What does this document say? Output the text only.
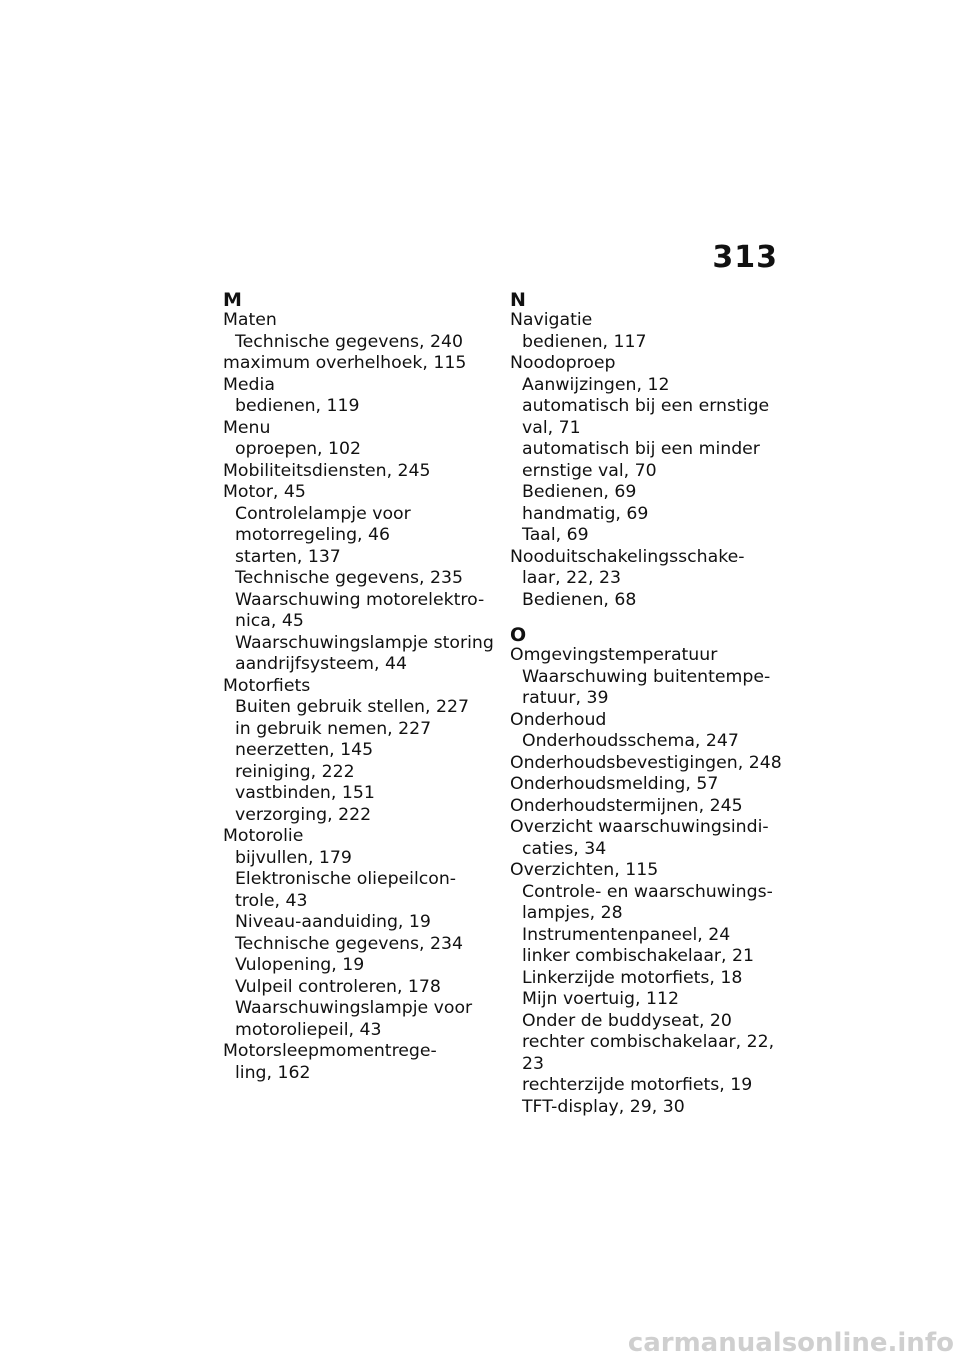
313
M
Maten
Technische gegevens, 240
maximum overhelhoek, 115
Media
bedienen, 119
Menu
oproepen, 102
Mobiliteitsdiensten, 245
Motor, 45
Controlelampje voor
motorregeling, 46
starten, 137
Technische gegevens, 235
Waarschuwing motorelektro-
nica, 45
Waarschuwingslampje storing
aandrijfsysteem, 44
Motorfiets
Buiten gebruik stellen, 227
in gebruik nemen, 227
neerzetten, 145
reiniging, 222
vastbinden, 151
verzorging, 222
Motorolie
bijvullen, 179
Elektronische oliepeilcon-
trole, 43
Niveau-aanduiding, 19
Technische gegevens, 234
Vulopening, 19
Vulpeil controleren, 178
Waarschuwingslampje voor
motoroliepeil, 43
Motorsleepmomentrege-
ling, 162
N
Navigatie
bedienen, 117
Noodoproep
Aanwijzingen, 12
automatisch bij een ernstige
val, 71
automatisch bij een minder
ernstige val, 70
Bedienen, 69
handmatig, 69
Taal, 69
Nooduitschakelingsschake-
laar, 22, 23
Bedienen, 68
O
Omgevingstemperatuur
Waarschuwing buitentempe-
ratuur, 39
Onderhoud
Onderhoudsschema, 247
Onderhoudsbevestigingen, 248
Onderhoudsmelding, 57
Onderhoudstermijnen, 245
Overzicht waarschuwingsindi-
caties, 34
Overzichten, 115
Controle- en waarschuwings-
lampjes, 28
Instrumentenpaneel, 24
linker combischakelaar, 21
Linkerzijde motorfiets, 18
Mijn voertuig, 112
Onder de buddyseat, 20
rechter combischakelaar, 22,
23
rechterzijde motorfiets, 19
TFT-display, 29, 30
carmanualsonline.info
